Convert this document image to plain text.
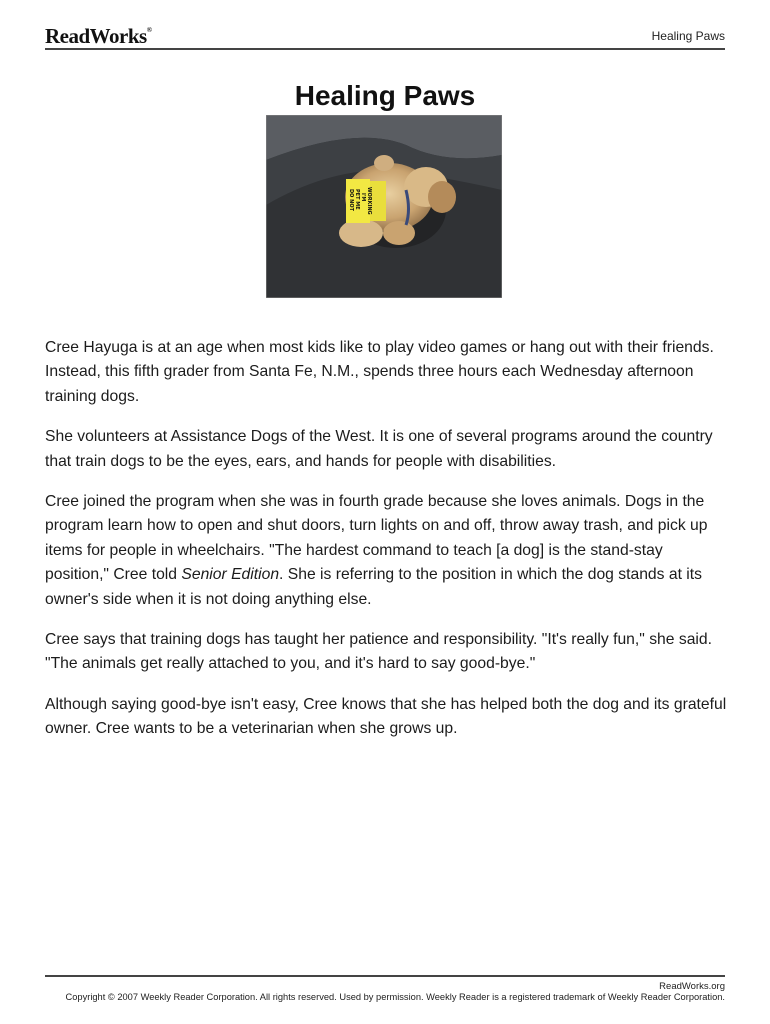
ReadWorks®	Healing Paws
Healing Paws
DO NOT PET ME I'M WORKING

Cree Hayuga is at an age when most kids like to play video games or hang out with their friends. Instead, this fifth grader from Santa Fe, N.M., spends three hours each Wednesday afternoon training dogs.

She volunteers at Assistance Dogs of the West. It is one of several programs around the country that train dogs to be the eyes, ears, and hands for people with disabilities.

Cree joined the program when she was in fourth grade because she loves animals. Dogs in the program learn how to open and shut doors, turn lights on and off, throw away trash, and pick up items for people in wheelchairs. "The hardest command to teach [a dog] is the stand-stay position," Cree told Senior Edition. She is referring to the position in which the dog stands at its owner's side when it is not doing anything else.

Cree says that training dogs has taught her patience and responsibility. "It's really fun," she said. "The animals get really attached to you, and it's hard to say good-bye."

Although saying good-bye isn't easy, Cree knows that she has helped both the dog and its grateful owner. Cree wants to be a veterinarian when she grows up.

ReadWorks.org
Copyright © 2007 Weekly Reader Corporation. All rights reserved. Used by permission. Weekly Reader is a registered trademark of Weekly Reader Corporation.
